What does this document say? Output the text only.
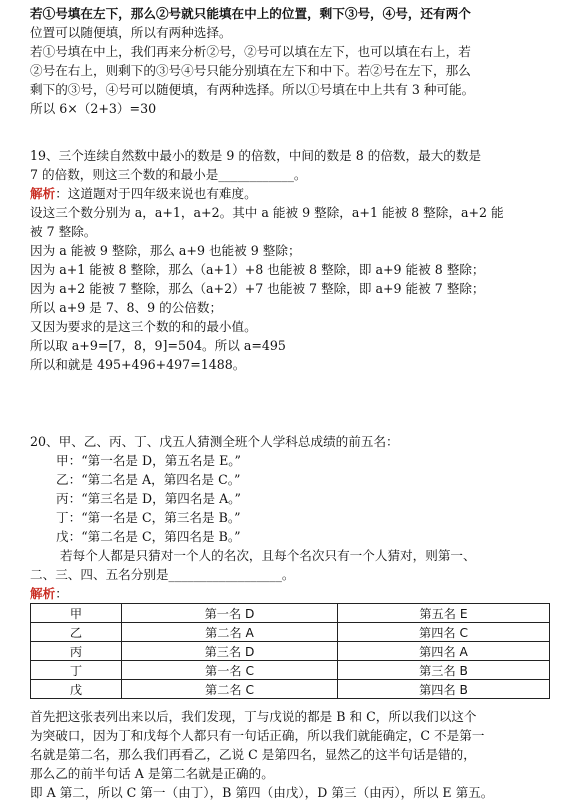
若①号填在左下，那么②号就只能填在中上的位置，剩下③号，④号，还有两个
位置可以随便填，所以有两种选择。
若①号填在中上，我们再来分析②号，②号可以填在左下，也可以填在右上，若
②号在右上，则剩下的③号④号只能分别填在左下和中下。若②号在左下，那么
剩下的③号，④号可以随便填，有两种选择。所以①号填在中上共有 3 种可能。
所以 6×（2+3）=30
19、三个连续自然数中最小的数是 9 的倍数，中间的数是 8 的倍数，最大的数是
7 的倍数，则这三个数的和最小是____________。
解析：这道题对于四年级来说也有难度。
设这三个数分别为 a，a+1，a+2。其中 a 能被 9 整除，a+1 能被 8 整除，a+2 能
被 7 整除。
因为 a 能被 9 整除，那么 a+9 也能被 9 整除；
因为 a+1 能被 8 整除，那么（a+1）+8 也能被 8 整除，即 a+9 能被 8 整除；
因为 a+2 能被 7 整除，那么（a+2）+7 也能被 7 整除，即 a+9 能被 7 整除；
所以 a+9 是 7、8、9 的公倍数；
又因为要求的是这三个数的和的最小值。
所以取 a+9=[7，8，9]=504。所以 a=495
所以和就是 495+496+497=1488。
20、甲、乙、丙、丁、戊五人猜测全班个人学科总成绩的前五名：
甲：“第一名是 D，第五名是 E。”
乙：“第二名是 A，第四名是 C。”
丙：“第三名是 D，第四名是 A。”
丁：“第一名是 C，第三名是 B。”
戊：“第二名是 C，第四名是 B。”
若每个人都是只猜对一个人的名次，且每个名次只有一个人猜对，则第一、
二、三、四、五名分别是__________________。
解析：
甲	第一名 D	第五名 E
乙	第二名 A	第四名 C
丙	第三名 D	第四名 A
丁	第一名 C	第三名 B
戊	第二名 C	第四名 B
首先把这张表列出来以后，我们发现，丁与戊说的都是 B 和 C，所以我们以这个
为突破口，因为丁和戊每个人都只有一句话正确，所以我们就能确定，C 不是第一
名就是第二名，那么我们再看乙，乙说 C 是第四名，显然乙的这半句话是错的，
那么乙的前半句话 A 是第二名就是正确的。
即 A 第二，所以 C 第一（由丁），B 第四（由戊），D 第三（由丙），所以 E 第五。
